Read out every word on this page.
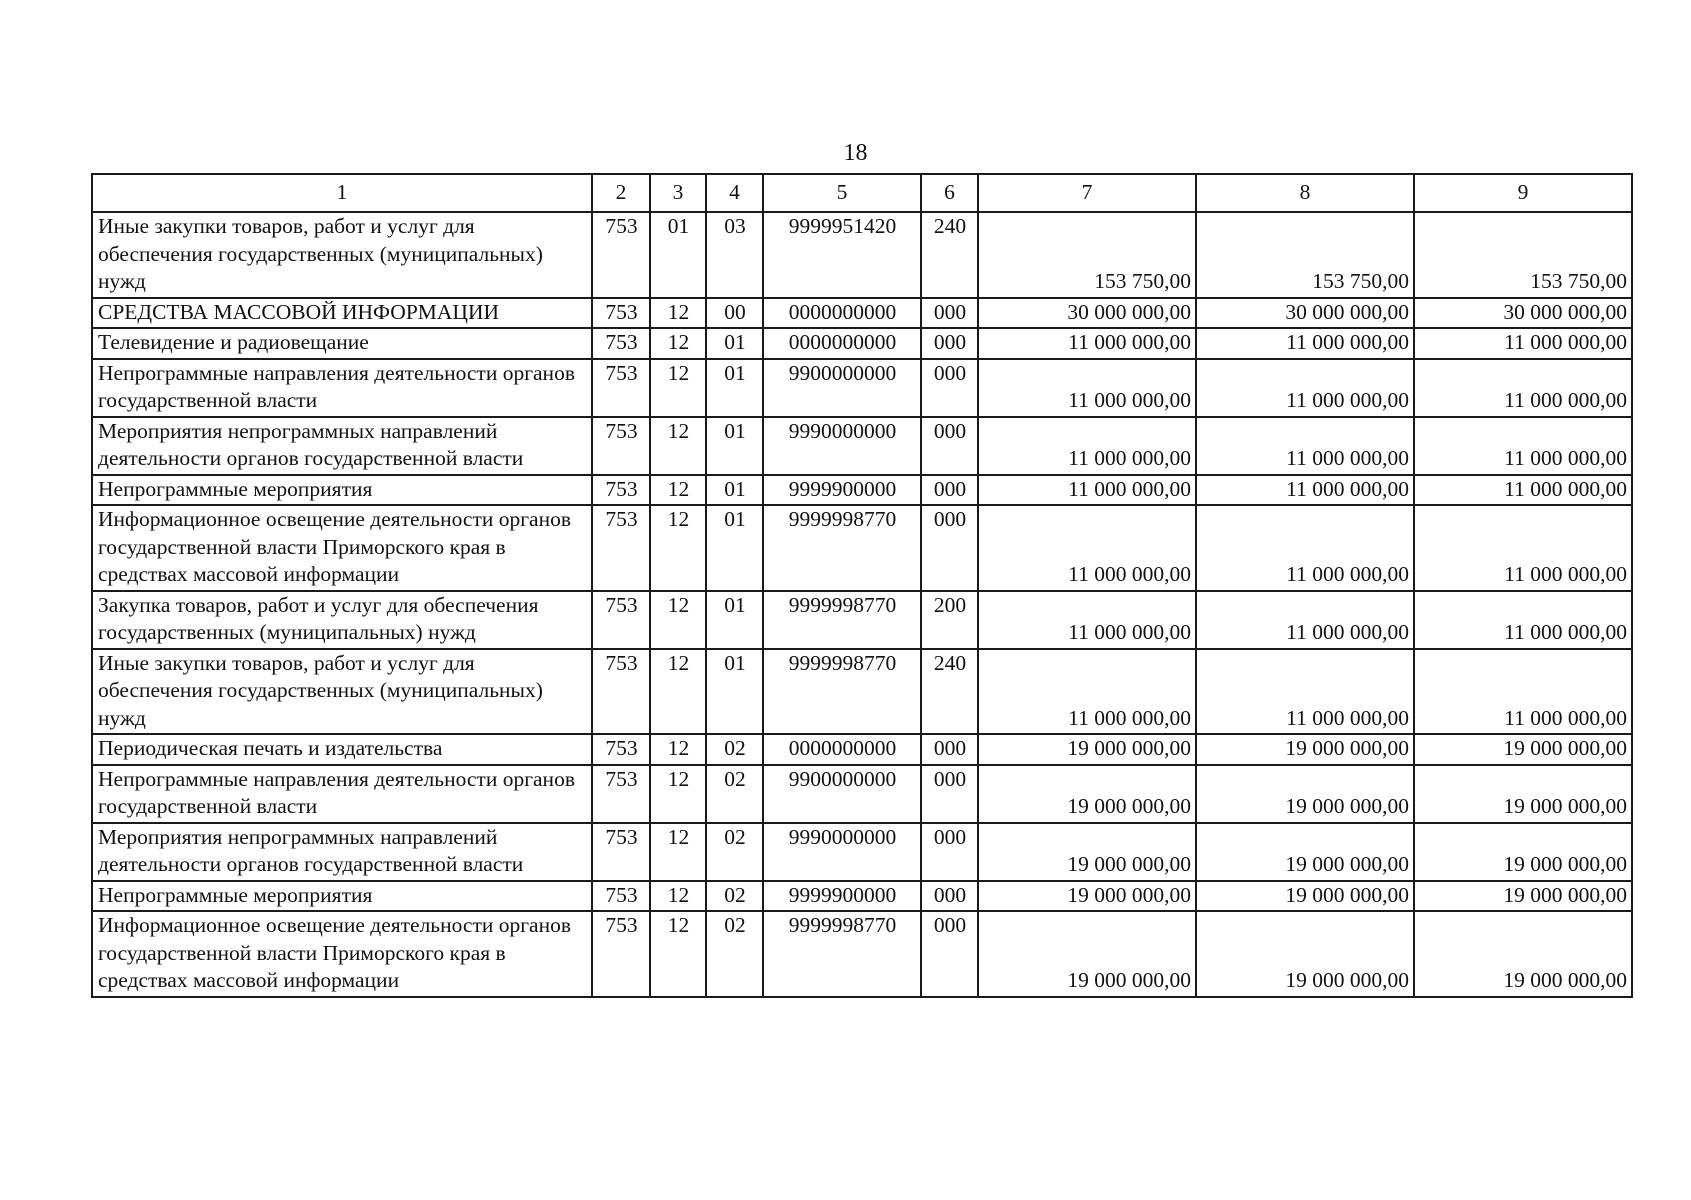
18
1	2	3	4	5	6	7	8	9
Иные закупки товаров, работ и услуг для обеспечения государственных (муниципальных) нужд	753	01	03	9999951420	240	153 750,00	153 750,00	153 750,00
СРЕДСТВА МАССОВОЙ ИНФОРМАЦИИ	753	12	00	0000000000	000	30 000 000,00	30 000 000,00	30 000 000,00
Телевидение и радиовещание	753	12	01	0000000000	000	11 000 000,00	11 000 000,00	11 000 000,00
Непрограммные направления деятельности органов государственной власти	753	12	01	9900000000	000	11 000 000,00	11 000 000,00	11 000 000,00
Мероприятия непрограммных направлений деятельности органов государственной власти	753	12	01	9990000000	000	11 000 000,00	11 000 000,00	11 000 000,00
Непрограммные мероприятия	753	12	01	9999900000	000	11 000 000,00	11 000 000,00	11 000 000,00
Информационное освещение деятельности органов государственной власти Приморского края в средствах массовой информации	753	12	01	9999998770	000	11 000 000,00	11 000 000,00	11 000 000,00
Закупка товаров, работ и услуг для обеспечения государственных (муниципальных) нужд	753	12	01	9999998770	200	11 000 000,00	11 000 000,00	11 000 000,00
Иные закупки товаров, работ и услуг для обеспечения государственных (муниципальных) нужд	753	12	01	9999998770	240	11 000 000,00	11 000 000,00	11 000 000,00
Периодическая печать и издательства	753	12	02	0000000000	000	19 000 000,00	19 000 000,00	19 000 000,00
Непрограммные направления деятельности органов государственной власти	753	12	02	9900000000	000	19 000 000,00	19 000 000,00	19 000 000,00
Мероприятия непрограммных направлений деятельности органов государственной власти	753	12	02	9990000000	000	19 000 000,00	19 000 000,00	19 000 000,00
Непрограммные мероприятия	753	12	02	9999900000	000	19 000 000,00	19 000 000,00	19 000 000,00
Информационное освещение деятельности органов государственной власти Приморского края в средствах массовой информации	753	12	02	9999998770	000	19 000 000,00	19 000 000,00	19 000 000,00
